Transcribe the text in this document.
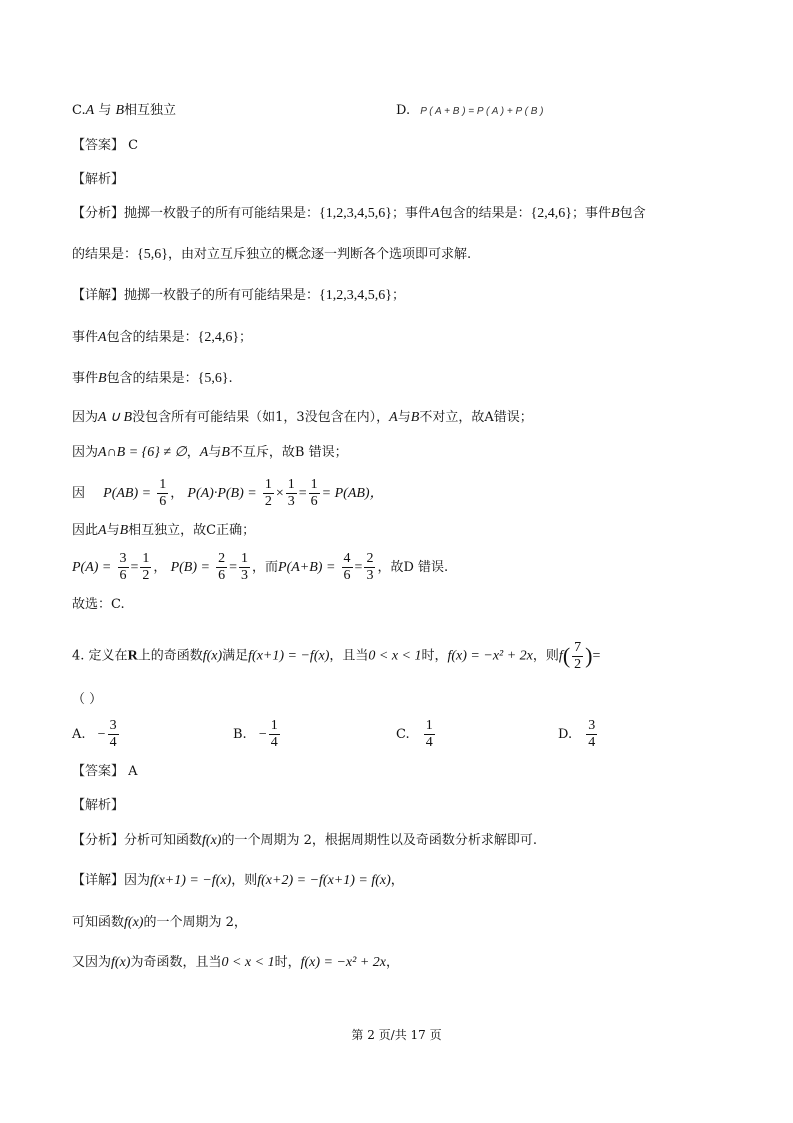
C.A 与 B相互独立	D. P ( A + B ) = P ( A ) + P ( B )
【答案】 C
【解析】
【分析】抛掷一枚骰子的所有可能结果是：{1,2,3,4,5,6}；事件A包含的结果是：{2,4,6}；事件B包含
的结果是：{5,6}，由对立互斥独立的概念逐一判断各个选项即可求解.
【详解】抛掷一枚骰子的所有可能结果是：{1,2,3,4,5,6}；
事件A包含的结果是：{2,4,6}；
事件B包含的结果是：{5,6}.
因为A ∪ B没包含所有可能结果（如1，3没包含在内），A与B不对立，故A错误；
因为A∩B = {6} ≠ ∅，A与B不互斥，故B 错误；
因 $P(AB) = \frac{1}{6}$ ， $P(A)\cdot P(B) = \frac{1}{2} \times \frac{1}{3} = \frac{1}{6} = P(AB)$，
因此A与B相互独立，故C正确；
$P(A) = \frac{3}{6} = \frac{1}{2}$ ， $P(B) = \frac{2}{6} = \frac{1}{3}$ ，而$P(A+B) = \frac{4}{6} = \frac{2}{3}$ ，故D 错误.
故选：C.
4. 定义在R上的奇函数f(x)满足f(x+1) = −f(x)，且当0 < x < 1时，f(x) = −x² + 2x，则$f( \frac{7}{2}$ )=
（ ）
A. − $\frac{3}{4}$	B. − $\frac{1}{4}$	C. $\frac{1}{4}$	D. $\frac{3}{4}$
【答案】 A
【解析】
【分析】分析可知函数f(x)的一个周期为 2，根据周期性以及奇函数分析求解即可.
【详解】因为f(x+1) = −f(x)，则f(x+2) = −f(x+1) = f(x)，
可知函数f(x)的一个周期为 2，
又因为f(x)为奇函数，且当0 < x < 1时，f(x) = −x² + 2x，
第 2 页/共 17 页
